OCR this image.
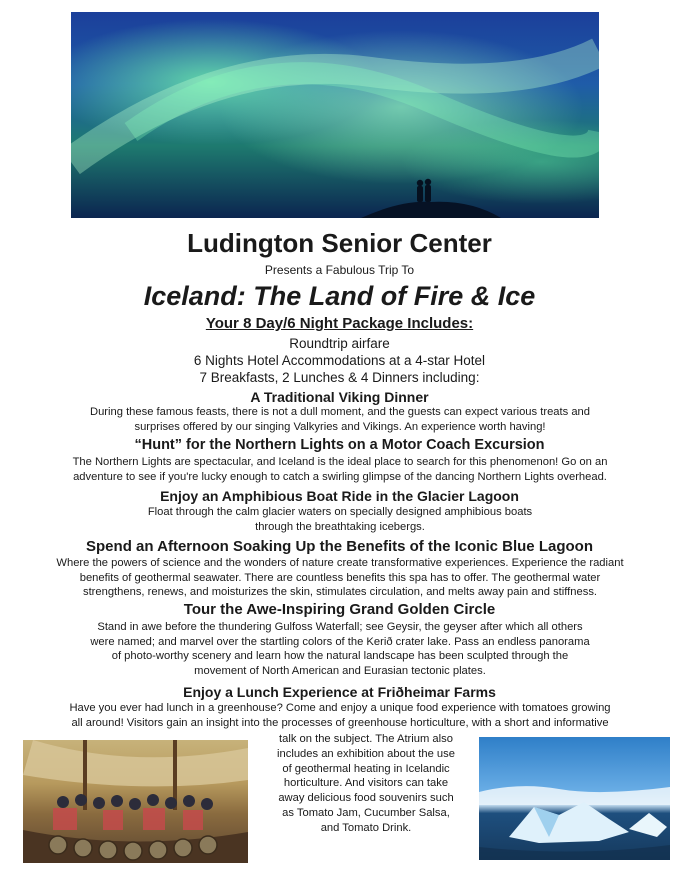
Ludington Senior Center
Presents a Fabulous Trip To
Iceland: The Land of Fire & Ice
Your 8 Day/6 Night Package Includes:
Roundtrip airfare
6 Nights Hotel Accommodations at a 4-star Hotel
7 Breakfasts, 2 Lunches & 4 Dinners including:
A Traditional Viking Dinner
During these famous feasts, there is not a dull moment, and the guests can expect various treats and
surprises offered by our singing Valkyries and Vikings. An experience worth having!
“Hunt” for the Northern Lights on a Motor Coach Excursion
The Northern Lights are spectacular, and Iceland is the ideal place to search for this phenomenon! Go on an
adventure to see if you're lucky enough to catch a swirling glimpse of the dancing Northern Lights overhead.
Enjoy an Amphibious Boat Ride in the Glacier Lagoon
Float through the calm glacier waters on specially designed amphibious boats
through the breathtaking icebergs.
Spend an Afternoon Soaking Up the Benefits of the Iconic Blue Lagoon
Where the powers of science and the wonders of nature create transformative experiences. Experience the radiant
benefits of geothermal seawater. There are countless benefits this spa has to offer. The geothermal water
strengthens, renews, and moisturizes the skin, stimulates circulation, and melts away pain and stiffness.
Tour the Awe-Inspiring Grand Golden Circle
Stand in awe before the thundering Gulfoss Waterfall; see Geysir, the geyser after which all others
were named; and marvel over the startling colors of the Kerið crater lake. Pass an endless panorama
of photo-worthy scenery and learn how the natural landscape has been sculpted through the
movement of North American and Eurasian tectonic plates.
Enjoy a Lunch Experience at Friðheimar Farms
Have you ever had lunch in a greenhouse? Come and enjoy a unique food experience with tomatoes growing
all around! Visitors gain an insight into the processes of greenhouse horticulture, with a short and informative
talk on the subject. The Atrium also
includes an exhibition about the use
of geothermal heating in Icelandic
horticulture. And visitors can take
away delicious food souvenirs such
as Tomato Jam, Cucumber Salsa,
and Tomato Drink.
